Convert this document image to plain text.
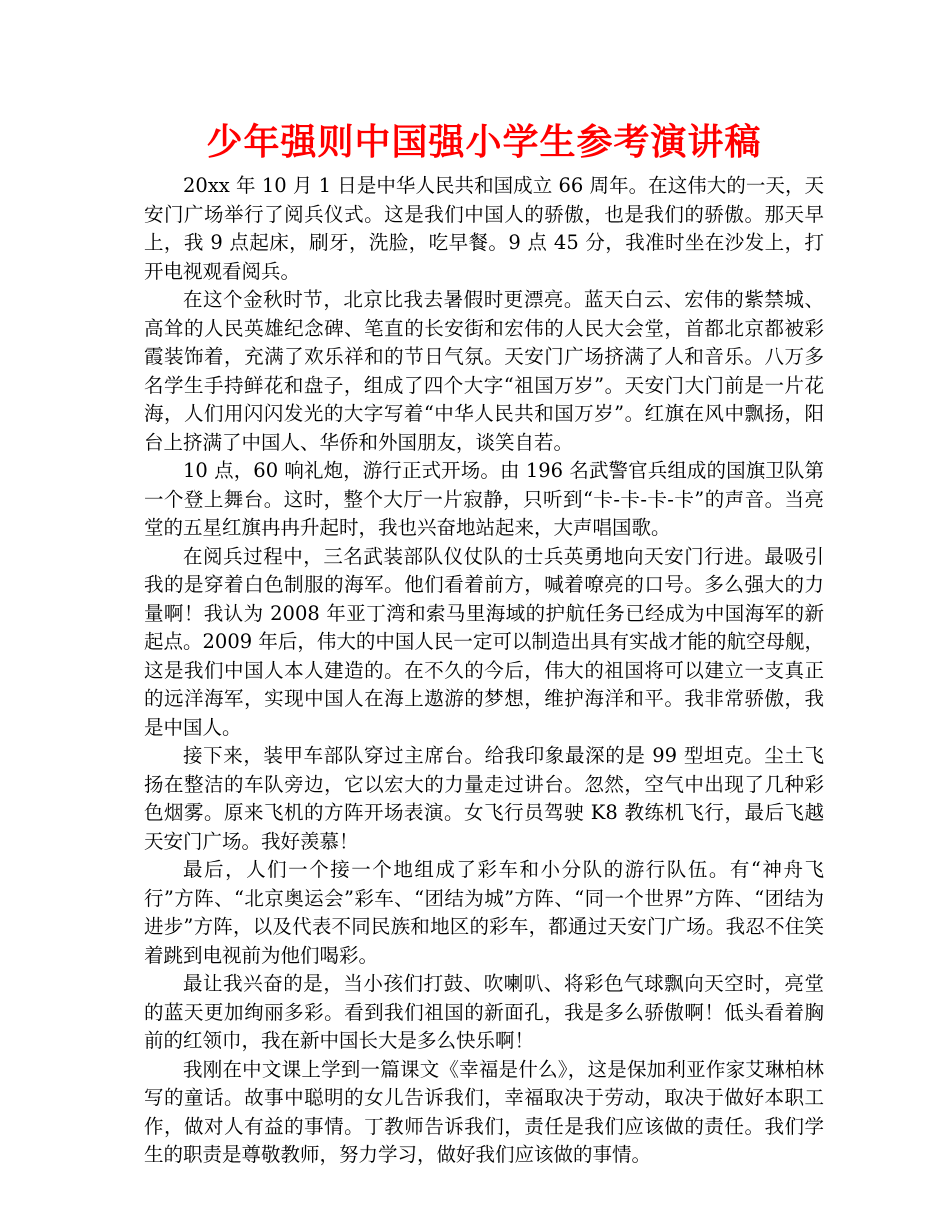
少年强则中国强小学生参考演讲稿

20xx 年 10 月 1 日是中华人民共和国成立 66 周年。在这伟大的一天，天安门广场举行了阅兵仪式。这是我们中国人的骄傲，也是我们的骄傲。那天早上，我 9 点起床，刷牙，洗脸，吃早餐。9 点 45 分，我准时坐在沙发上，打开电视观看阅兵。

在这个金秋时节，北京比我去暑假时更漂亮。蓝天白云、宏伟的紫禁城、高耸的人民英雄纪念碑、笔直的长安街和宏伟的人民大会堂，首都北京都被彩霞装饰着，充满了欢乐祥和的节日气氛。天安门广场挤满了人和音乐。八万多名学生手持鲜花和盘子，组成了四个大字“祖国万岁”。天安门大门前是一片花海，人们用闪闪发光的大字写着“中华人民共和国万岁”。红旗在风中飘扬，阳台上挤满了中国人、华侨和外国朋友，谈笑自若。

10 点，60 响礼炮，游行正式开场。由 196 名武警官兵组成的国旗卫队第一个登上舞台。这时，整个大厅一片寂静，只听到“卡-卡-卡-卡”的声音。当亮堂的五星红旗冉冉升起时，我也兴奋地站起来，大声唱国歌。

在阅兵过程中，三名武装部队仪仗队的士兵英勇地向天安门行进。最吸引我的是穿着白色制服的海军。他们看着前方，喊着嘹亮的口号。多么强大的力量啊！我认为 2008 年亚丁湾和索马里海域的护航任务已经成为中国海军的新起点。2009 年后，伟大的中国人民一定可以制造出具有实战才能的航空母舰，这是我们中国人本人建造的。在不久的今后，伟大的祖国将可以建立一支真正的远洋海军，实现中国人在海上遨游的梦想，维护海洋和平。我非常骄傲，我是中国人。

接下来，装甲车部队穿过主席台。给我印象最深的是 99 型坦克。尘土飞扬在整洁的车队旁边，它以宏大的力量走过讲台。忽然，空气中出现了几种彩色烟雾。原来飞机的方阵开场表演。女飞行员驾驶 K8 教练机飞行，最后飞越天安门广场。我好羡慕！

最后，人们一个接一个地组成了彩车和小分队的游行队伍。有“神舟飞行”方阵、“北京奥运会”彩车、“团结为城”方阵、“同一个世界”方阵、“团结为进步”方阵，以及代表不同民族和地区的彩车，都通过天安门广场。我忍不住笑着跳到电视前为他们喝彩。

最让我兴奋的是，当小孩们打鼓、吹喇叭、将彩色气球飘向天空时，亮堂的蓝天更加绚丽多彩。看到我们祖国的新面孔，我是多么骄傲啊！低头看着胸前的红领巾，我在新中国长大是多么快乐啊！

我刚在中文课上学到一篇课文《幸福是什么》，这是保加利亚作家艾琳柏林写的童话。故事中聪明的女儿告诉我们，幸福取决于劳动，取决于做好本职工作，做对人有益的事情。丁教师告诉我们，责任是我们应该做的责任。我们学生的职责是尊敬教师，努力学习，做好我们应该做的事情。
